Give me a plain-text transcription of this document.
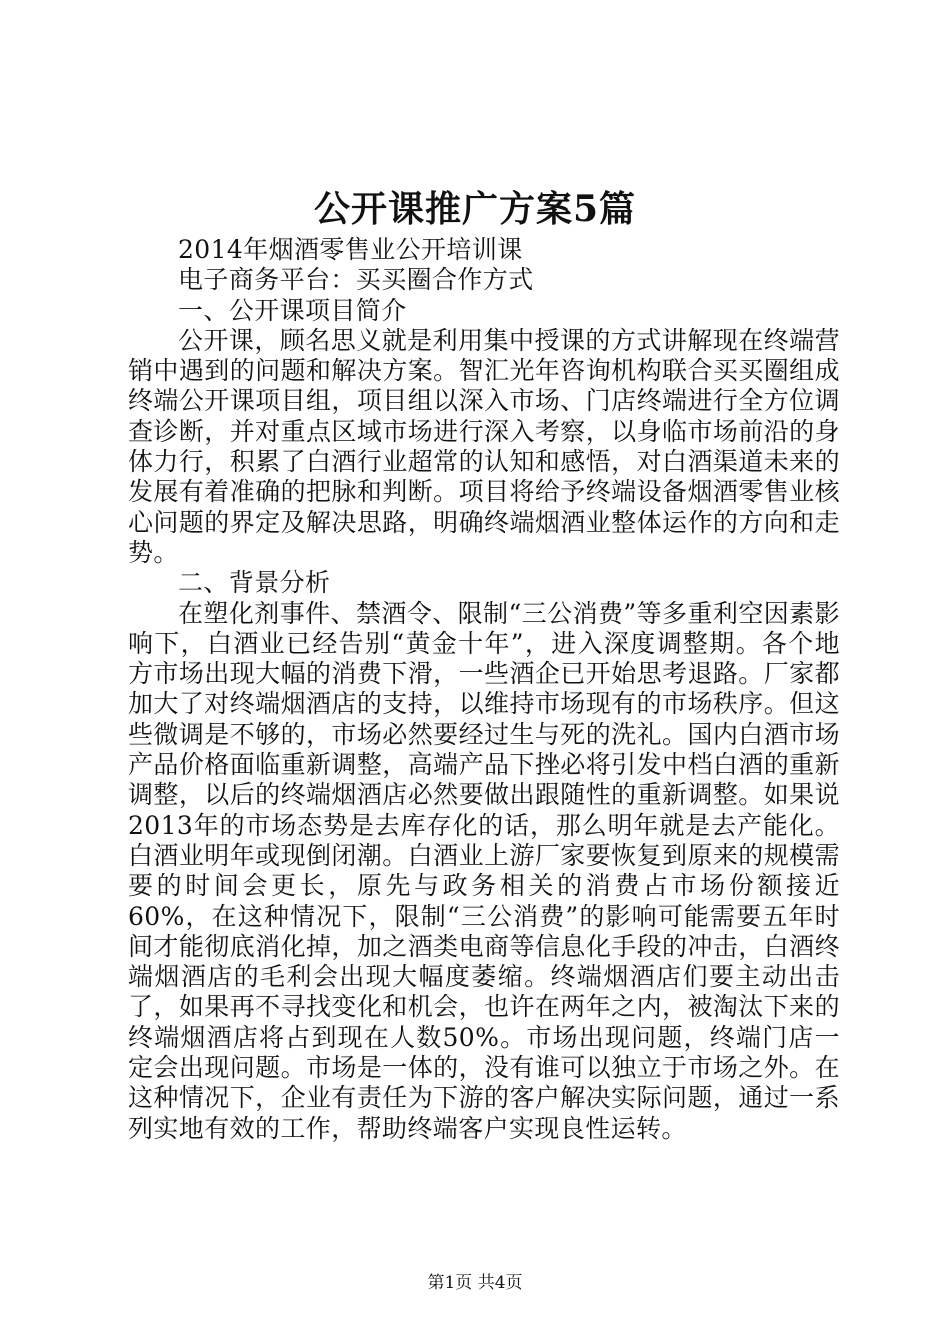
公开课推广方案5篇

2014年烟酒零售业公开培训课

电子商务平台：买买圈合作方式

一、公开课项目简介

公开课，顾名思义就是利用集中授课的方式讲解现在终端营销中遇到的问题和解决方案。智汇光年咨询机构联合买买圈组成终端公开课项目组，项目组以深入市场、门店终端进行全方位调查诊断，并对重点区域市场进行深入考察，以身临市场前沿的身体力行，积累了白酒行业超常的认知和感悟，对白酒渠道未来的发展有着准确的把脉和判断。项目将给予终端设备烟酒零售业核心问题的界定及解决思路，明确终端烟酒业整体运作的方向和走势。

二、背景分析

在塑化剂事件、禁酒令、限制“三公消费”等多重利空因素影响下，白酒业已经告别“黄金十年”，进入深度调整期。各个地方市场出现大幅的消费下滑，一些酒企已开始思考退路。厂家都加大了对终端烟酒店的支持，以维持市场现有的市场秩序。但这些微调是不够的，市场必然要经过生与死的洗礼。国内白酒市场产品价格面临重新调整，高端产品下挫必将引发中档白酒的重新调整，以后的终端烟酒店必然要做出跟随性的重新调整。如果说2013年的市场态势是去库存化的话，那么明年就是去产能化。白酒业明年或现倒闭潮。白酒业上游厂家要恢复到原来的规模需要的时间会更长，原先与政务相关的消费占市场份额接近60%，在这种情况下，限制“三公消费”的影响可能需要五年时间才能彻底消化掉，加之酒类电商等信息化手段的冲击，白酒终端烟酒店的毛利会出现大幅度萎缩。终端烟酒店们要主动出击了，如果再不寻找变化和机会，也许在两年之内，被淘汰下来的终端烟酒店将占到现在人数50%。市场出现问题，终端门店一定会出现问题。市场是一体的，没有谁可以独立于市场之外。在这种情况下，企业有责任为下游的客户解决实际问题，通过一系列实地有效的工作，帮助终端客户实现良性运转。

第1页 共4页
